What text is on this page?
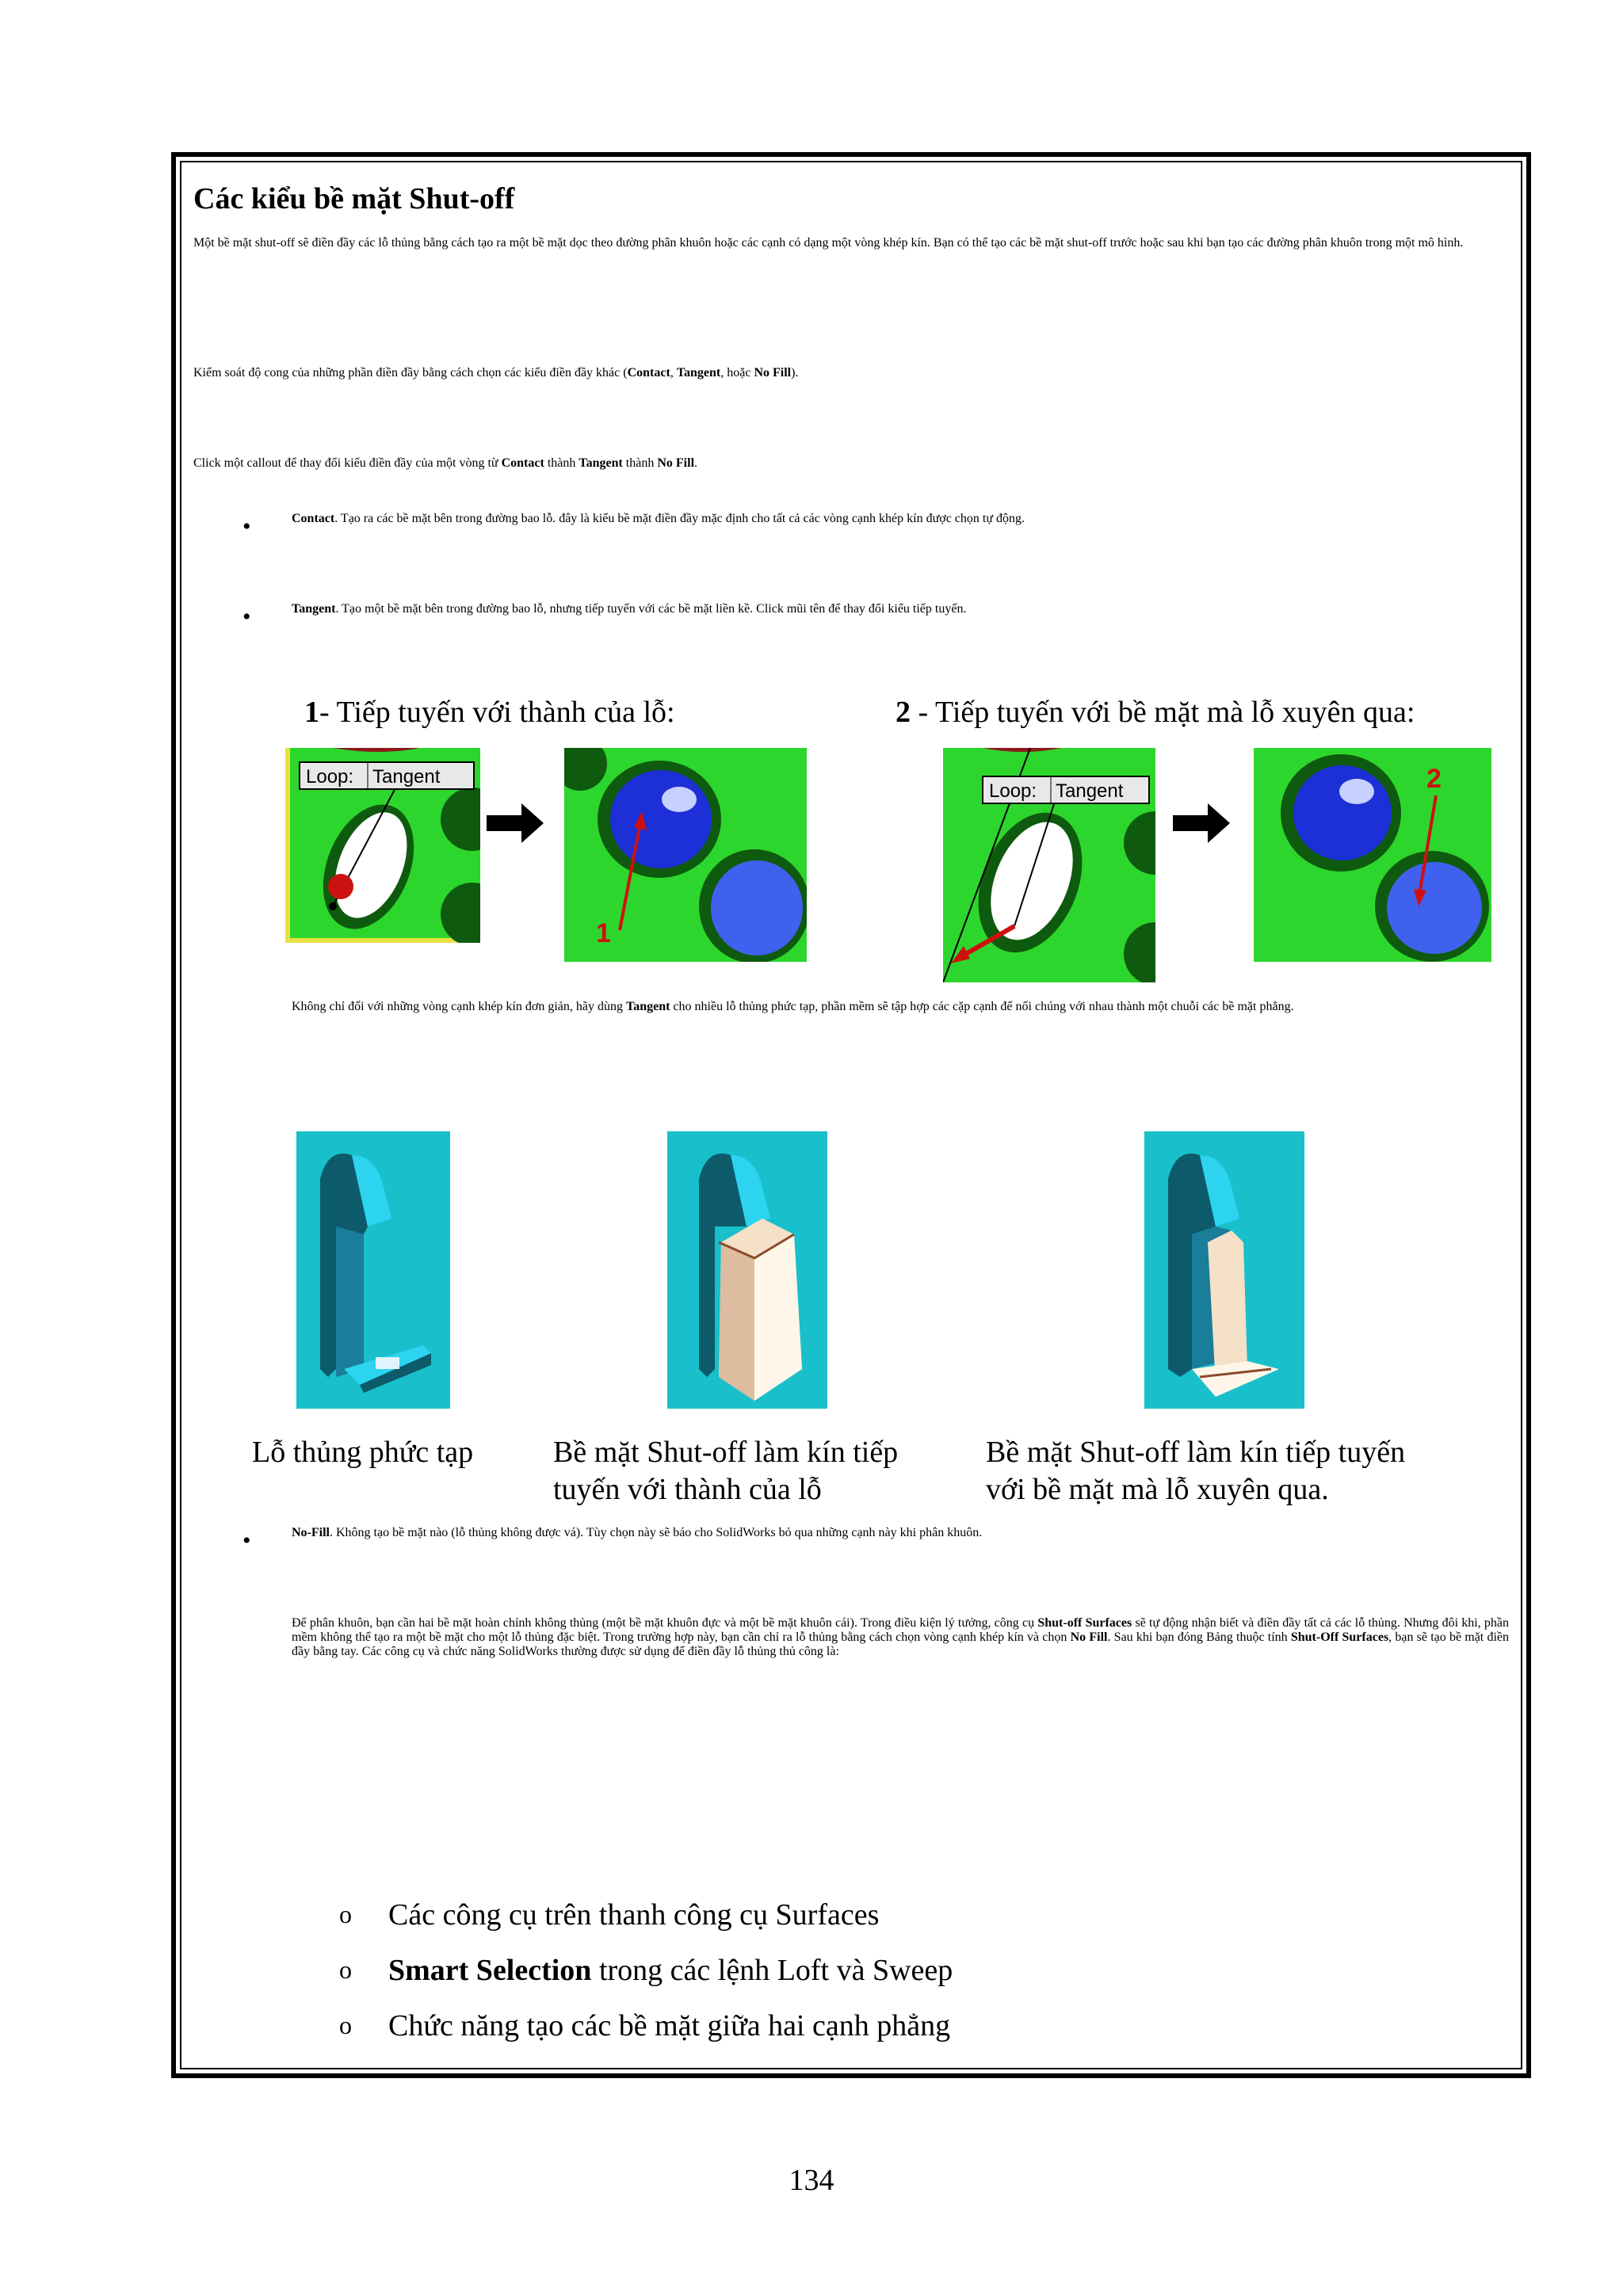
Các kiểu bề mặt Shut-off

Một bề mặt shut-off sẽ điền đầy các lỗ thủng bằng cách tạo ra một bề mặt dọc theo đường phân khuôn hoặc các cạnh có dạng một vòng khép kín. Bạn có thể tạo các bề mặt shut-off trước hoặc sau khi bạn tạo các đường phân khuôn trong một mô hình.

Kiểm soát độ cong của những phần điền đầy bằng cách chọn các kiểu điền đầy khác (Contact, Tangent, hoặc No Fill).

Click một callout để thay đổi kiểu điền đầy của một vòng từ Contact thành Tangent thành No Fill.

•	Contact. Tạo ra các bề mặt bên trong đường bao lỗ. đây là kiểu bề mặt điền đầy mặc định cho tất cả các vòng cạnh khép kín được chọn tự động.

•	Tangent. Tạo một bề mặt bên trong đường bao lỗ, nhưng tiếp tuyến với các bề mặt liền kề. Click mũi tên để thay đổi kiểu tiếp tuyến.

1- Tiếp tuyến với thành của lỗ:	2 - Tiếp tuyến với bề mặt mà lỗ xuyên qua:
Loop: Tangent
1
Loop: Tangent	2

Không chỉ đối với những vòng cạnh khép kín đơn giản, hãy dùng Tangent cho nhiều lỗ thủng phức tạp, phần mềm sẽ tập hợp các cặp cạnh để nối chúng với nhau thành một chuỗi các bề mặt phẳng.

Lỗ thủng phức tạp	Bề mặt Shut-off làm kín tiếp
tuyến với thành của lỗ
Bề mặt Shut-off làm kín tiếp tuyến
với bề mặt mà lỗ xuyên qua.
•	No-Fill. Không tạo bề mặt nào (lỗ thủng không được vá). Tùy chọn này sẽ báo cho SolidWorks bỏ qua những cạnh này khi phân khuôn.

Để phân khuôn, bạn cần hai bề mặt hoàn chỉnh không thủng (một bề mặt khuôn đực và một bề mặt khuôn cái). Trong điều kiện lý tưởng, công cụ Shut-off Surfaces sẽ tự động nhận biết và điền đầy tất cả các lỗ thủng. Nhưng đôi khi, phần mềm không thể tạo ra một bề mặt cho một lỗ thủng đặc biệt. Trong trường hợp này, bạn cần chỉ ra lỗ thủng bằng cách chọn vòng cạnh khép kín và chọn No Fill. Sau khi bạn đóng Bảng thuộc tính Shut-Off Surfaces, bạn sẽ tạo bề mặt điền đầy bằng tay. Các công cụ và chức năng SolidWorks thường được sử dụng để điền đầy lỗ thủng thủ công là:

o Các công cụ trên thanh công cụ Surfaces
o Smart Selection trong các lệnh Loft và Sweep
o Chức năng tạo các bề mặt giữa hai cạnh phẳng
134
